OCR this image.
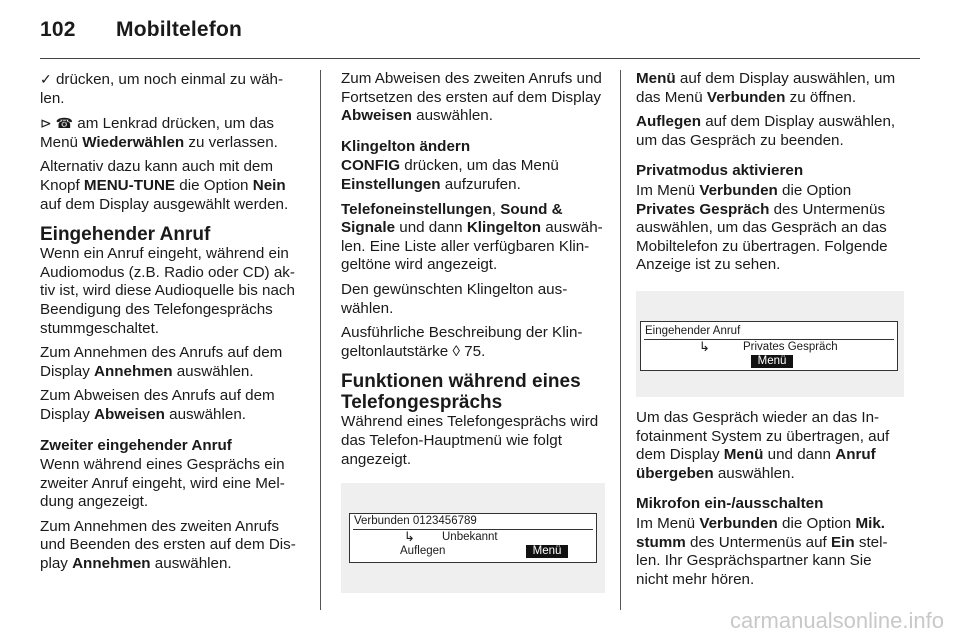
102 Mobiltelefon

✓ drücken, um noch einmal zu wäh-len.

⊳ ☎ am Lenkrad drücken, um das Menü Wiederwählen zu verlassen.

Alternativ dazu kann auch mit dem Knopf MENU-TUNE die Option Nein auf dem Display ausgewählt werden.

Eingehender Anruf

Wenn ein Anruf eingeht, während ein Audiomodus (z.B. Radio oder CD) ak-tiv ist, wird diese Audioquelle bis nach Beendigung des Telefongesprächs stummgeschaltet.

Zum Annehmen des Anrufs auf dem Display Annehmen auswählen.

Zum Abweisen des Anrufs auf dem Display Abweisen auswählen.

Zweiter eingehender Anruf

Wenn während eines Gesprächs ein zweiter Anruf eingeht, wird eine Mel-dung angezeigt.

Zum Annehmen des zweiten Anrufs und Beenden des ersten auf dem Dis-play Annehmen auswählen.

Zum Abweisen des zweiten Anrufs und Fortsetzen des ersten auf dem Display Abweisen auswählen.

Klingelton ändern

CONFIG drücken, um das Menü Einstellungen aufzurufen.

Telefoneinstellungen, Sound & Signale und dann Klingelton auswäh-len. Eine Liste aller verfügbaren Klin-geltöne wird angezeigt.

Den gewünschten Klingelton aus-wählen.

Ausführliche Beschreibung der Klin-geltonlautstärke ◊ 75.

Funktionen während eines Telefongesprächs

Während eines Telefongesprächs wird das Telefon-Hauptmenü wie folgt angezeigt.

Verbunden 0123456789
↳ Unbekannt
Auflegen	Menü

Menü auf dem Display auswählen, um das Menü Verbunden zu öffnen.

Auflegen auf dem Display auswählen, um das Gespräch zu beenden.

Privatmodus aktivieren

Im Menü Verbunden die Option Privates Gespräch des Untermenüs auswählen, um das Gespräch an das Mobiltelefon zu übertragen. Folgende Anzeige ist zu sehen.

Eingehender Anruf
↳	Privates Gespräch
Menü

Um das Gespräch wieder an das In-fotainment System zu übertragen, auf dem Display Menü und dann Anruf übergeben auswählen.

Mikrofon ein-/ausschalten

Im Menü Verbunden die Option Mik. stumm des Untermenüs auf Ein stel-len. Ihr Gesprächspartner kann Sie nicht mehr hören.

carmanualsonline.info
